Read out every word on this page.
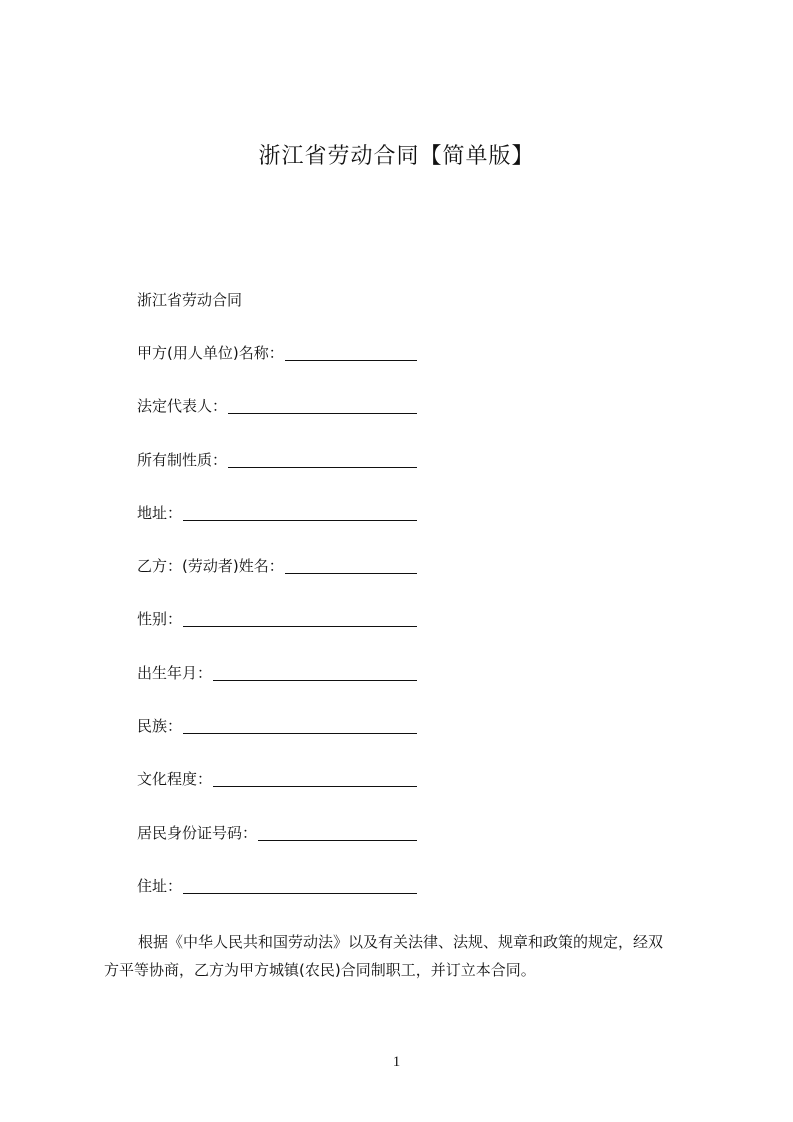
浙江省劳动合同【简单版】
浙江省劳动合同
甲方(用人单位)名称：
法定代表人：
所有制性质：
地址：
乙方：(劳动者)姓名：
性别：
出生年月：
民族：
文化程度：
居民身份证号码：
住址：
根据《中华人民共和国劳动法》以及有关法律、法规、规章和政策的规定，经双
方平等协商，乙方为甲方城镇(农民)合同制职工，并订立本合同。
1
